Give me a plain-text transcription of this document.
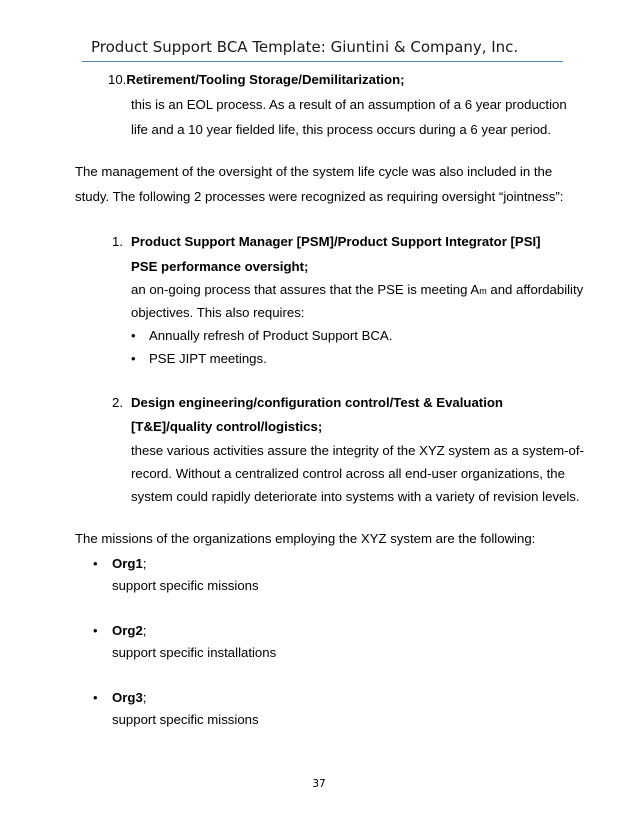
Product Support BCA Template: Giuntini & Company, Inc.
10.Retirement/Tooling Storage/Demilitarization;
this is an EOL process. As a result of an assumption of a 6 year production
life and a 10 year fielded life, this process occurs during a 6 year period.
The management of the oversight of the system life cycle was also included in the
study. The following 2 processes were recognized as requiring oversight “jointness”:
1. Product Support Manager [PSM]/Product Support Integrator [PSI]
PSE performance oversight;
an on-going process that assures that the PSE is meeting Am and affordability
objectives. This also requires:
• Annually refresh of Product Support BCA.
• PSE JIPT meetings.
2. Design engineering/configuration control/Test & Evaluation
[T&E]/quality control/logistics;
these various activities assure the integrity of the XYZ system as a system-of-
record. Without a centralized control across all end-user organizations, the
system could rapidly deteriorate into systems with a variety of revision levels.
The missions of the organizations employing the XYZ system are the following:
• Org1;
support specific missions
• Org2;
support specific installations
• Org3;
support specific missions
37
